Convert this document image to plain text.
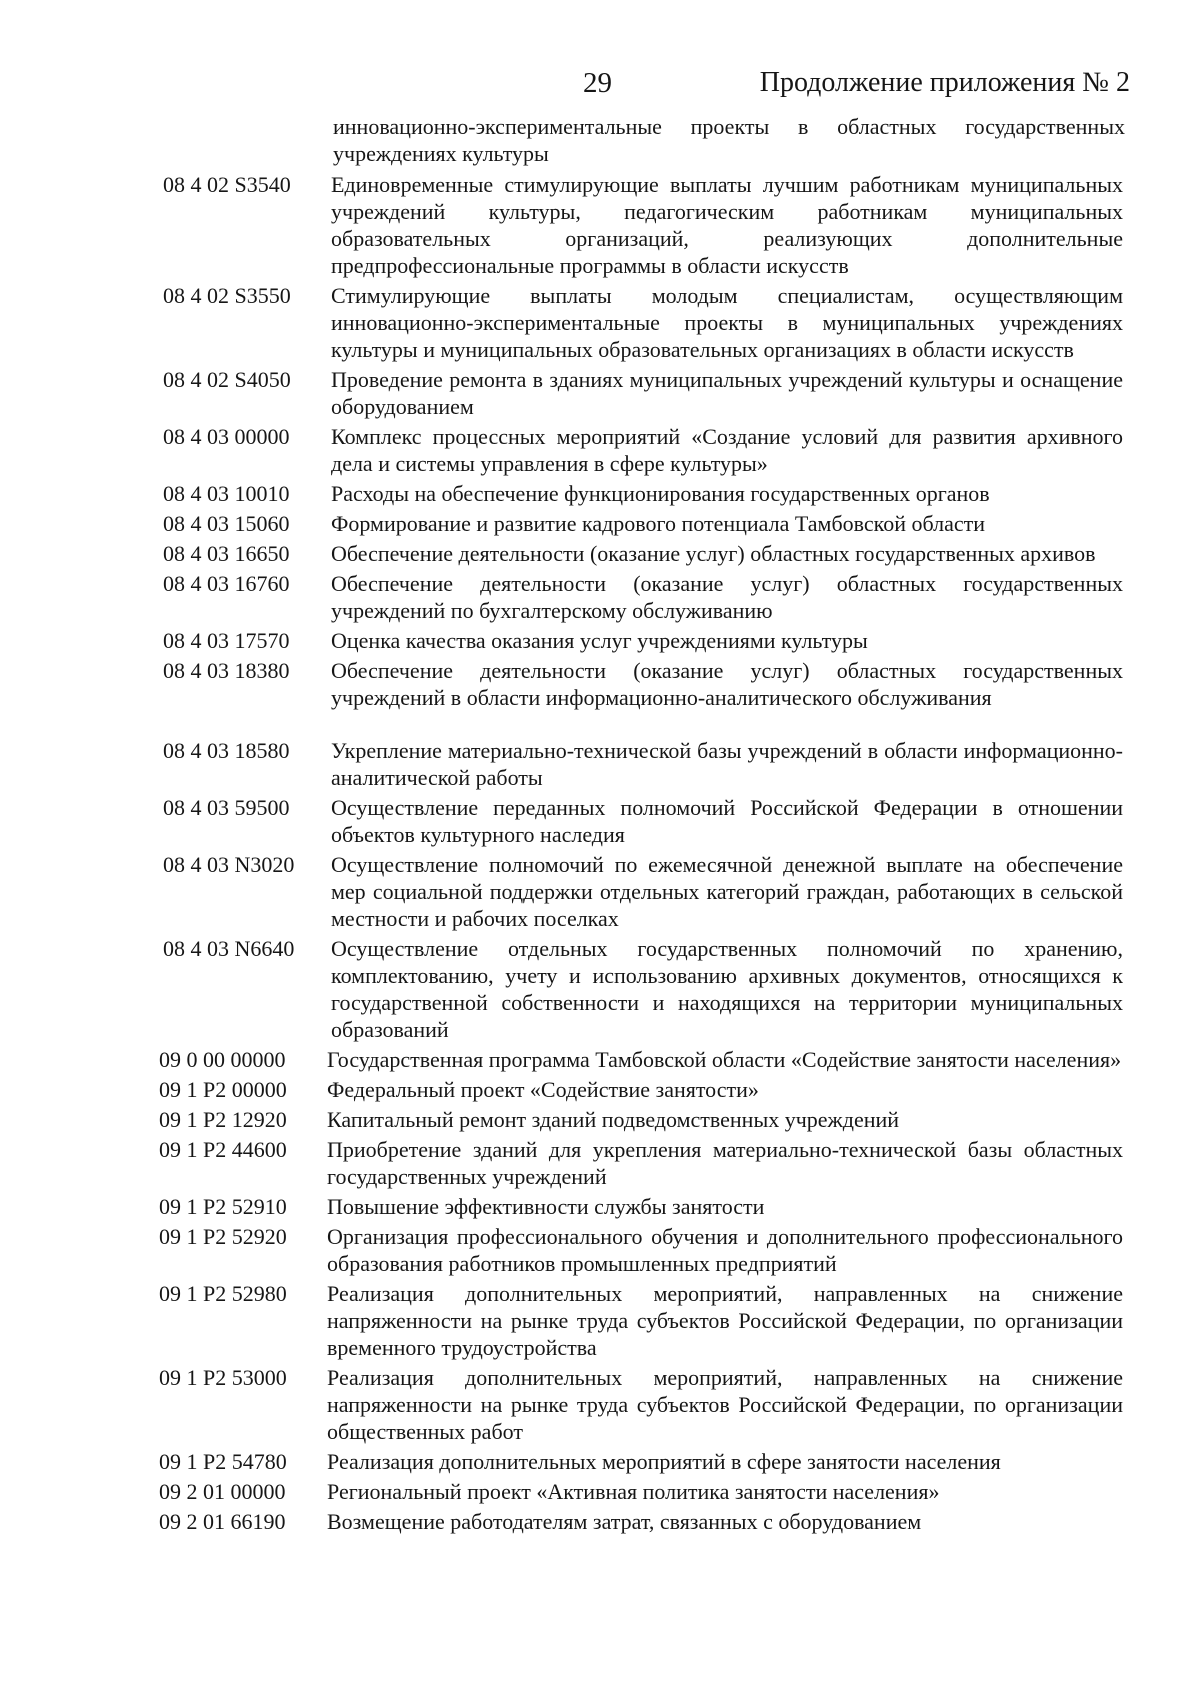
29	Продолжение приложения № 2
инновационно-экспериментальные проекты в областных государственных учреждениях культуры
08 4 02 S3540	Единовременные стимулирующие выплаты лучшим работникам муниципальных учреждений культуры, педагогическим работникам муниципальных образовательных организаций, реализующих дополнительные предпрофессиональные программы в области искусств
08 4 02 S3550	Стимулирующие выплаты молодым специалистам, осуществляющим инновационно-экспериментальные проекты в муниципальных учреждениях культуры и муниципальных образовательных организациях в области искусств
08 4 02 S4050	Проведение ремонта в зданиях муниципальных учреждений культуры и оснащение оборудованием
08 4 03 00000	Комплекс процессных мероприятий «Создание условий для развития архивного дела и системы управления в сфере культуры»
08 4 03 10010	Расходы на обеспечение функционирования государственных органов
08 4 03 15060	Формирование и развитие кадрового потенциала Тамбовской области
08 4 03 16650	Обеспечение деятельности (оказание услуг) областных государственных архивов
08 4 03 16760	Обеспечение деятельности (оказание услуг) областных государственных учреждений по бухгалтерскому обслуживанию
08 4 03 17570	Оценка качества оказания услуг учреждениями культуры
08 4 03 18380	Обеспечение деятельности (оказание услуг) областных государственных учреждений в области информационно-аналитического обслуживания
08 4 03 18580	Укрепление материально-технической базы учреждений в области информационно-аналитической работы
08 4 03 59500	Осуществление переданных полномочий Российской Федерации в отношении объектов культурного наследия
08 4 03 N3020	Осуществление полномочий по ежемесячной денежной выплате на обеспечение мер социальной поддержки отдельных категорий граждан, работающих в сельской местности и рабочих поселках
08 4 03 N6640	Осуществление отдельных государственных полномочий по хранению, комплектованию, учету и использованию архивных документов, относящихся к государственной собственности и находящихся на территории муниципальных образований
09 0 00 00000	Государственная программа Тамбовской области «Содействие занятости населения»
09 1 P2 00000	Федеральный проект «Содействие занятости»
09 1 P2 12920	Капитальный ремонт зданий подведомственных учреждений
09 1 P2 44600	Приобретение зданий для укрепления материально-технической базы областных государственных учреждений
09 1 P2 52910	Повышение эффективности службы занятости
09 1 P2 52920	Организация профессионального обучения и дополнительного профессионального образования работников промышленных предприятий
09 1 P2 52980	Реализация дополнительных мероприятий, направленных на снижение напряженности на рынке труда субъектов Российской Федерации, по организации временного трудоустройства
09 1 P2 53000	Реализация дополнительных мероприятий, направленных на снижение напряженности на рынке труда субъектов Российской Федерации, по организации общественных работ
09 1 P2 54780	Реализация дополнительных мероприятий в сфере занятости населения
09 2 01 00000	Региональный проект «Активная политика занятости населения»
09 2 01 66190	Возмещение работодателям затрат, связанных с оборудованием
